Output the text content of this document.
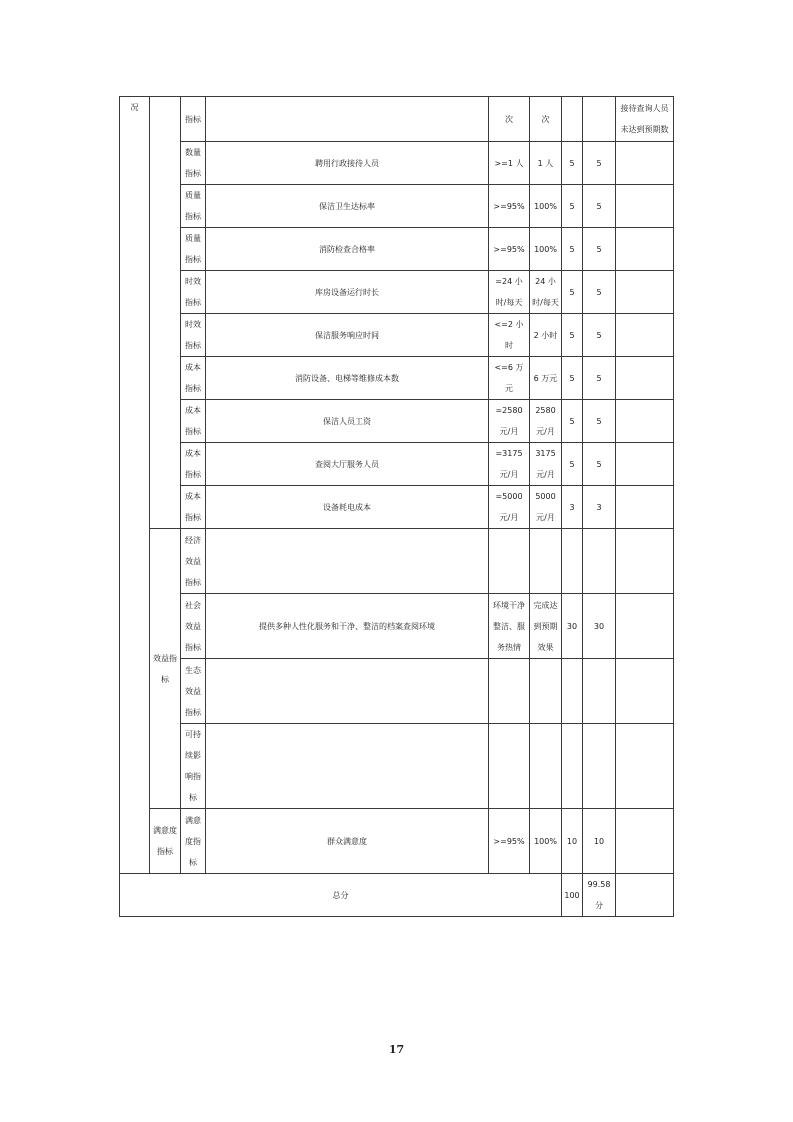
况		指标		次	次			接待查询人员未达到预期数
		数量指标	聘用行政接待人员	>=1 人	1 人	5	5	
		质量指标	保洁卫生达标率	>=95%	100%	5	5	
		质量指标	消防检查合格率	>=95%	100%	5	5	
		时效指标	库房设备运行时长	=24 小时/每天	24 小时/每天	5	5	
		时效指标	保洁服务响应时间	<=2 小时	2 小时	5	5	
		成本指标	消防设备、电梯等维修成本数	<=6 万元	6 万元	5	5	
		成本指标	保洁人员工资	=2580 元/月	2580 元/月	5	5	
		成本指标	查阅大厅服务人员	=3175 元/月	3175 元/月	5	5	
		成本指标	设备耗电成本	=5000 元/月	5000 元/月	3	3	
	效益指标	经济效益指标						
		社会效益指标	提供多种人性化服务和干净、整洁的档案查阅环境	环境干净整洁、服务热情	完成达到预期效果	30	30	
		生态效益指标						
		可持续影响指标						
	满意度指标	满意度指标	群众满意度	>=95%	100%	10	10	
总分						100	99.58 分	
17
